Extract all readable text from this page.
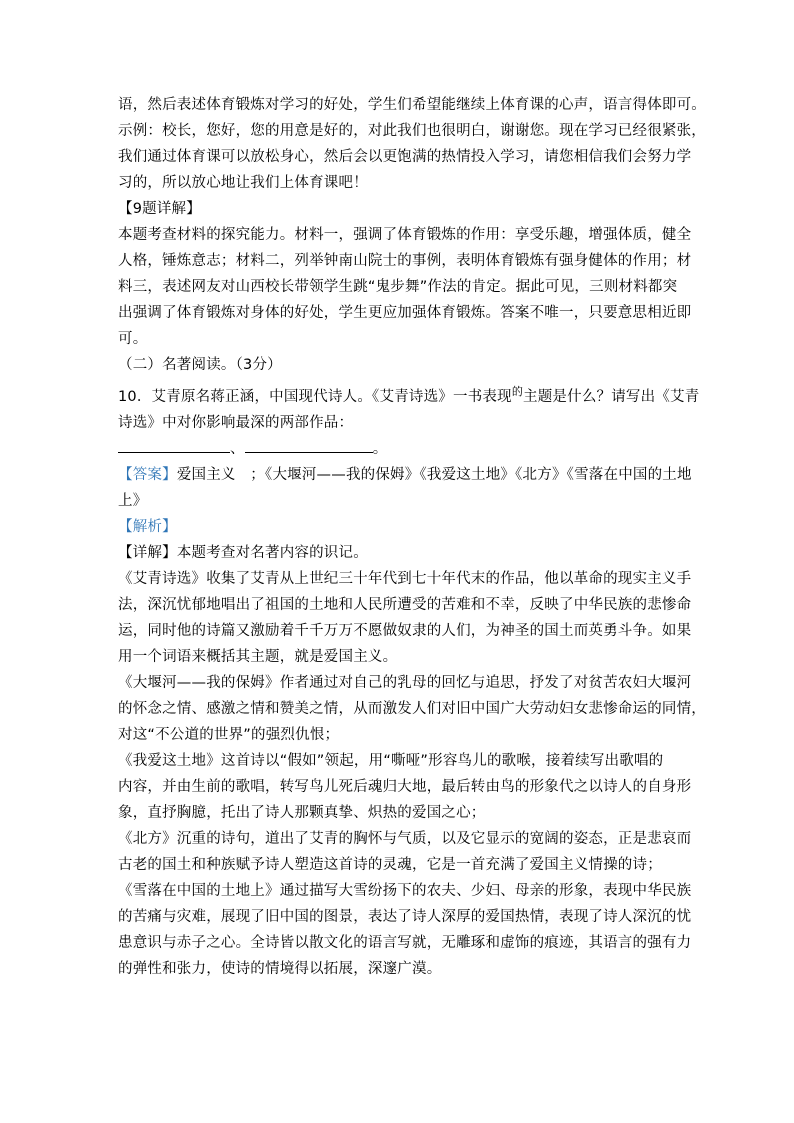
语，然后表述体育锻炼对学习的好处，学生们希望能继续上体育课的心声，语言得体即可。
示例：校长，您好，您的用意是好的，对此我们也很明白，谢谢您。现在学习已经很紧张，
我们通过体育课可以放松身心，然后会以更饱满的热情投入学习，请您相信我们会努力学
习的，所以放心地让我们上体育课吧！
【9题详解】
本题考查材料的探究能力。材料一，强调了体育锻炼的作用：享受乐趣，增强体质，健全
人格，锤炼意志；材料二，列举钟南山院士的事例，表明体育锻炼有强身健体的作用；材
料三，表述网友对山西校长带领学生跳“鬼步舞”作法的肯定。据此可见，三则材料都突
出强调了体育锻炼对身体的好处，学生更应加强体育锻炼。答案不唯一，只要意思相近即
可。
（二）名著阅读。（3分）
10．艾青原名蒋正涵，中国现代诗人。《艾青诗选》一书表现$^的$主题是什么？请写出《艾青
诗选》中对你影响最深的两部作品：
、	。
【答案】爱国主义　；《大堰河——我的保姆》《我爱这土地》《北方》《雪落在中国的土地
上》
【解析】
【详解】本题考查对名著内容的识记。
《艾青诗选》收集了艾青从上世纪三十年代到七十年代末的作品，他以革命的现实主义手
法，深沉忧郁地唱出了祖国的土地和人民所遭受的苦难和不幸，反映了中华民族的悲惨命
运，同时他的诗篇又激励着千千万万不愿做奴隶的人们，为神圣的国土而英勇斗争。如果
用一个词语来概括其主题，就是爱国主义。
《大堰河——我的保姆》作者通过对自己的乳母的回忆与追思，抒发了对贫苦农妇大堰河
的怀念之情、感激之情和赞美之情，从而激发人们对旧中国广大劳动妇女悲惨命运的同情，
对这“不公道的世界”的强烈仇恨；
《我爱这土地》这首诗以“假如”领起，用“嘶哑”形容鸟儿的歌喉，接着续写出歌唱的
内容，并由生前的歌唱，转写鸟儿死后魂归大地，最后转由鸟的形象代之以诗人的自身形
象，直抒胸臆，托出了诗人那颗真挚、炽热的爱国之心；
《北方》沉重的诗句，道出了艾青的胸怀与气质，以及它显示的宽阔的姿态，正是悲哀而
古老的国土和种族赋予诗人塑造这首诗的灵魂，它是一首充满了爱国主义情操的诗；
《雪落在中国的土地上》通过描写大雪纷扬下的农夫、少妇、母亲的形象，表现中华民族
的苦痛与灾难，展现了旧中国的图景，表达了诗人深厚的爱国热情，表现了诗人深沉的忧
患意识与赤子之心。全诗皆以散文化的语言写就，无雕琢和虚饰的痕迹，其语言的强有力
的弹性和张力，使诗的情境得以拓展，深邃广漠。
